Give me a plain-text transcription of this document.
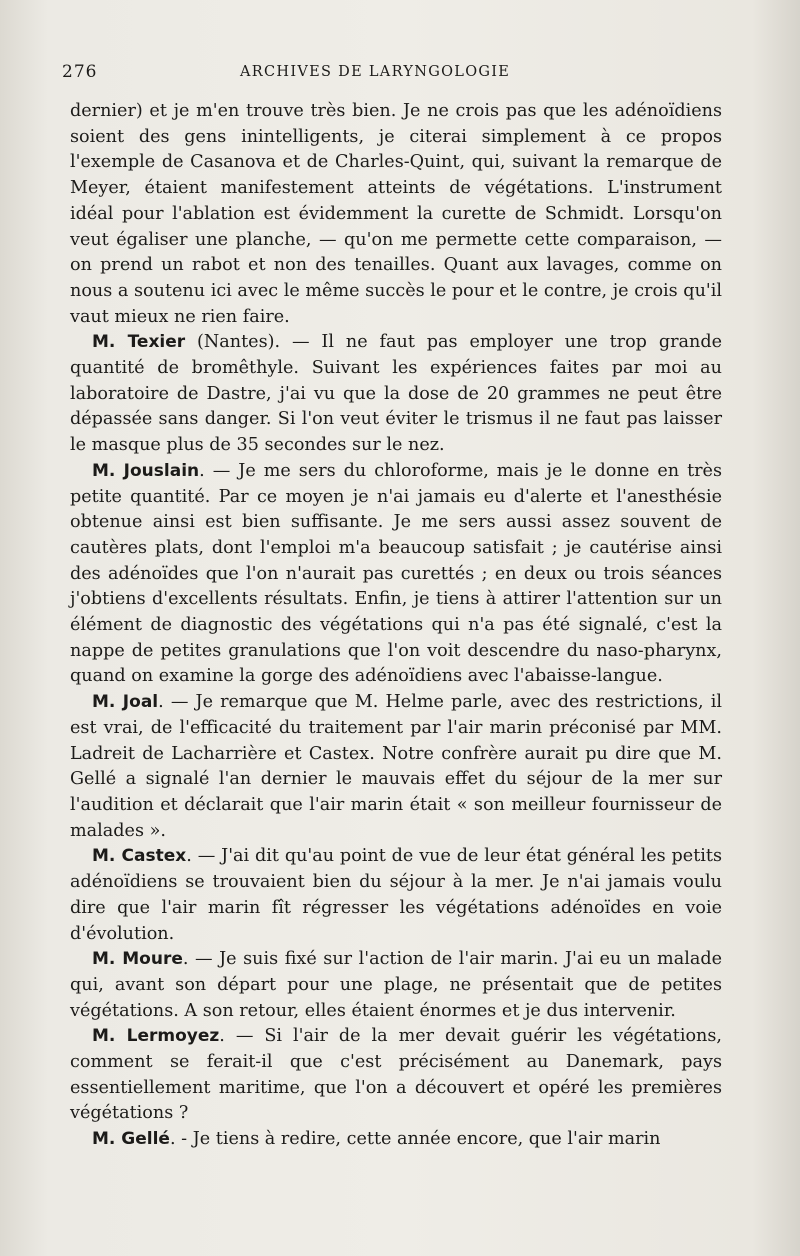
276	ARCHIVES DE LARYNGOLOGIE

dernier) et je m'en trouve très bien. Je ne crois pas que les adénoïdiens soient des gens inintelligents, je citerai simplement à ce propos l'exemple de Casanova et de Charles-Quint, qui, suivant la remarque de Meyer, étaient manifestement atteints de végétations. L'instrument idéal pour l'ablation est évidemment la curette de Schmidt. Lorsqu'on veut égaliser une planche, — qu'on me permette cette comparaison, — on prend un rabot et non des tenailles. Quant aux lavages, comme on nous a soutenu ici avec le même succès le pour et le contre, je crois qu'il vaut mieux ne rien faire.

M. Texier (Nantes). — Il ne faut pas employer une trop grande quantité de bromêthyle. Suivant les expériences faites par moi au laboratoire de Dastre, j'ai vu que la dose de 20 grammes ne peut être dépassée sans danger. Si l'on veut éviter le trismus il ne faut pas laisser le masque plus de 35 secondes sur le nez.

M. Jouslain. — Je me sers du chloroforme, mais je le donne en très petite quantité. Par ce moyen je n'ai jamais eu d'alerte et l'anesthésie obtenue ainsi est bien suffisante. Je me sers aussi assez souvent de cautères plats, dont l'emploi m'a beaucoup satisfait ; je cautérise ainsi des adénoïdes que l'on n'aurait pas curettés ; en deux ou trois séances j'obtiens d'excellents résultats. Enfin, je tiens à attirer l'attention sur un élément de diagnostic des végétations qui n'a pas été signalé, c'est la nappe de petites granulations que l'on voit descendre du naso-pharynx, quand on examine la gorge des adénoïdiens avec l'abaisse-langue.

M. Joal. — Je remarque que M. Helme parle, avec des restrictions, il est vrai, de l'efficacité du traitement par l'air marin préconisé par MM. Ladreit de Lacharrière et Castex. Notre confrère aurait pu dire que M. Gellé a signalé l'an dernier le mauvais effet du séjour de la mer sur l'audition et déclarait que l'air marin était « son meilleur fournisseur de malades ».

M. Castex. — J'ai dit qu'au point de vue de leur état général les petits adénoïdiens se trouvaient bien du séjour à la mer. Je n'ai jamais voulu dire que l'air marin fît régresser les végétations adénoïdes en voie d'évolution.

M. Moure. — Je suis fixé sur l'action de l'air marin. J'ai eu un malade qui, avant son départ pour une plage, ne présentait que de petites végétations. A son retour, elles étaient énormes et je dus intervenir.

M. Lermoyez. — Si l'air de la mer devait guérir les végétations, comment se ferait-il que c'est précisément au Danemark, pays essentiellement maritime, que l'on a découvert et opéré les premières végétations ?

M. Gellé. - Je tiens à redire, cette année encore, que l'air marin
